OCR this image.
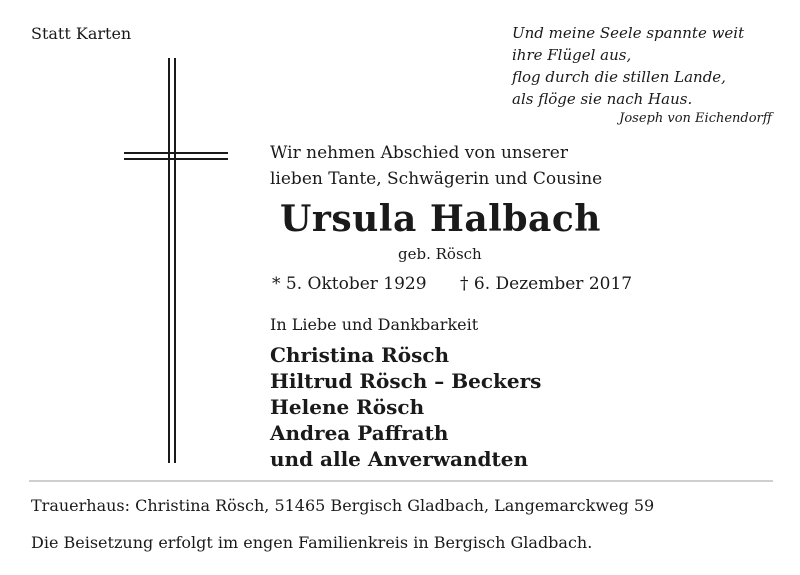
Statt Karten	Und meine Seele spannte weit
ihre Flügel aus,
flog durch die stillen Lande,
als flöge sie nach Haus.
Joseph von Eichendorff
Wir nehmen Abschied von unserer
lieben Tante, Schwägerin und Cousine
Ursula Halbach
geb. Rösch
* 5. Oktober 1929 † 6. Dezember 2017
In Liebe und Dankbarkeit
Christina Rösch
Hiltrud Rösch – Beckers
Helene Rösch
Andrea Paffrath
und alle Anverwandten
Trauerhaus: Christina Rösch, 51465 Bergisch Gladbach, Langemarckweg 59
Die Beisetzung erfolgt im engen Familienkreis in Bergisch Gladbach.
